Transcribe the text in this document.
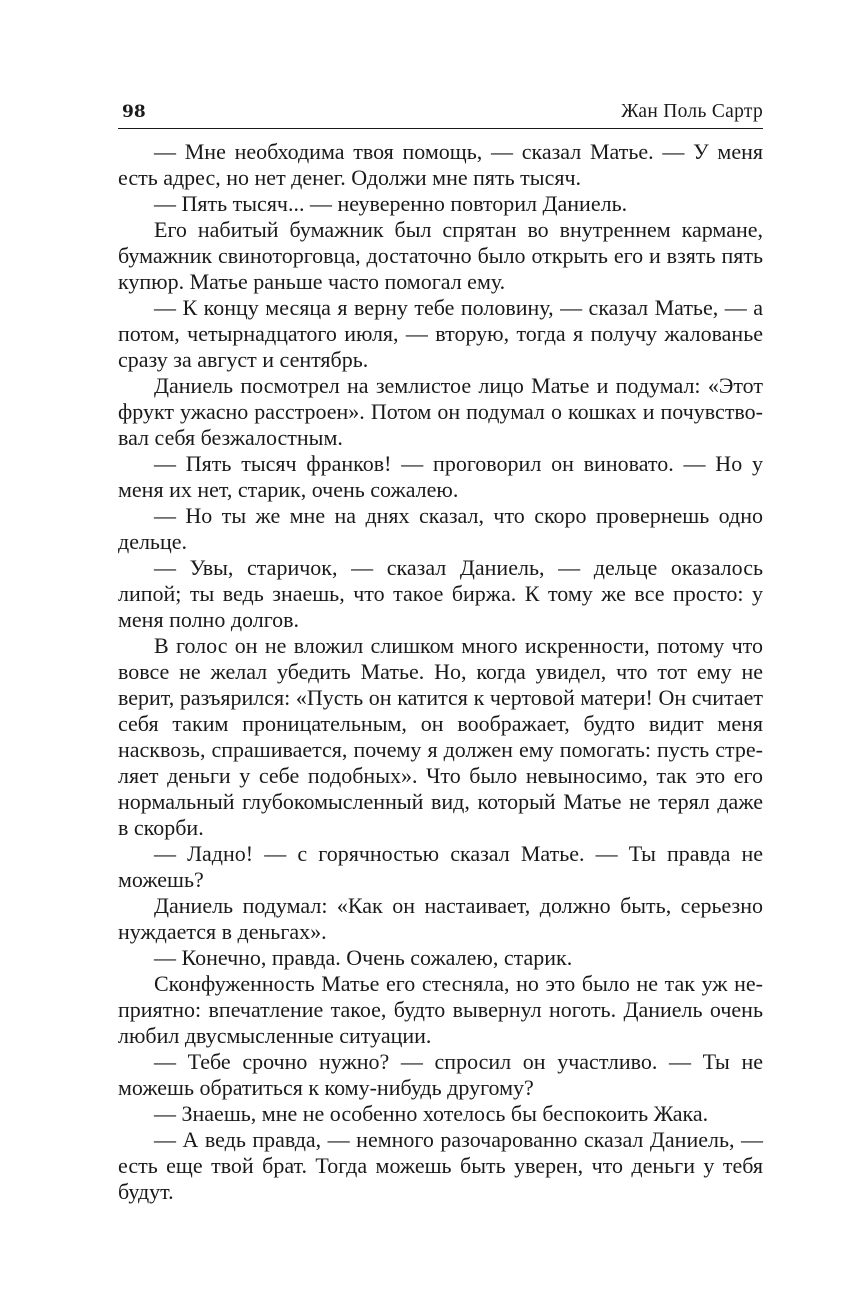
98	Жан Поль Сартр

— Мне необходима твоя помощь, — сказал Матье. — У меня есть адрес, но нет денег. Одолжи мне пять тысяч.

— Пять тысяч... — неуверенно повторил Даниель.

Его набитый бумажник был спрятан во внутреннем кармане, бумажник свиноторговца, достаточно было открыть его и взять пять купюр. Матье раньше часто помогал ему.

— К концу месяца я верну тебе половину, — сказал Матье, — а потом, четырнадцатого июля, — вторую, тогда я получу жалованье сразу за август и сентябрь.

Даниель посмотрел на землистое лицо Матье и подумал: «Этот фрукт ужасно расстроен». Потом он подумал о кошках и почувствовал себя безжалостным.

— Пять тысяч франков! — проговорил он виновато. — Но у меня их нет, старик, очень сожалею.

— Но ты же мне на днях сказал, что скоро провернешь одно дельце.

— Увы, старичок, — сказал Даниель, — дельце оказалось липой; ты ведь знаешь, что такое биржа. К тому же все просто: у меня полно долгов.

В голос он не вложил слишком много искренности, потому что вовсе не желал убедить Матье. Но, когда увидел, что тот ему не верит, разъярился: «Пусть он катится к чертовой матери! Он считает себя таким проницательным, он воображает, будто видит меня насквозь, спрашивается, почему я должен ему помогать: пусть стреляет деньги у себе подобных». Что было невыносимо, так это его нормальный глубокомысленный вид, который Матье не терял даже в скорби.

— Ладно! — с горячностью сказал Матье. — Ты правда не можешь?

Даниель подумал: «Как он настаивает, должно быть, серьезно нуждается в деньгах».

— Конечно, правда. Очень сожалею, старик.

Сконфуженность Матье его стесняла, но это было не так уж неприятно: впечатление такое, будто вывернул ноготь. Даниель очень любил двусмысленные ситуации.

— Тебе срочно нужно? — спросил он участливо. — Ты не можешь обратиться к кому-нибудь другому?

— Знаешь, мне не особенно хотелось бы беспокоить Жака.

— А ведь правда, — немного разочарованно сказал Даниель, — есть еще твой брат. Тогда можешь быть уверен, что деньги у тебя будут.
